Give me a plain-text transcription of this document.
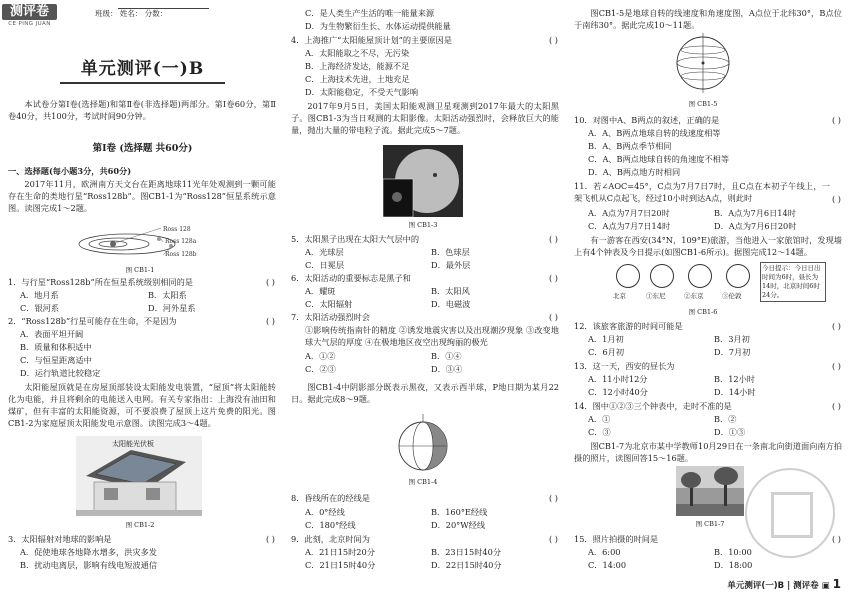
测评卷
CE PING JUAN
班级： 姓名： 分数：
单元测评(一)B
本试卷分第Ⅰ卷(选择题)和第Ⅱ卷(非选择题)两部分。第Ⅰ卷60分，第Ⅱ卷40分，共100分，考试时间90分钟。
第Ⅰ卷 (选择题 共60分)
一、选择题(每小题3分，共60分)
2017年11月，欧洲南方天文台在距离地球11光年处观测到一颗可能存在生命的类地行星“Ross128b”。图CB1-1为“Ross128”恒星系统示意图。读图完成1～2题。
Ross 128
Ross 128a
Ross 128b
图 CB1-1
1．与行星“Ross128b”所在恒星系统级别相同的是	( )
A．地月系	B．太阳系
C．银河系	D．河外星系
2．“Ross128b”行星可能存在生命，不是因为	( )
A．表面平坦开阔
B．质量和体积适中
C．与恒星距离适中
D．运行轨道比较稳定
太阳能屋顶就是在房屋顶部装设太阳能发电装置，“屋顶”将太阳能转化为电能，并且将剩余的电能送入电网。有关专家指出：上海没有油田和煤矿，但有丰富的太阳能资源，可不要浪费了屋顶上这片免费的阳光。图CB1-2为家庭屋顶太阳能发电示意图。读图完成3～4题。
太阳能光伏板
图 CB1-2
3．太阳辐射对地球的影响是	( )
A．促使地球各地降水增多，洪灾多发
B．扰动电离层，影响有线电短波通信
C．是人类生产生活的唯一能量来源
D．为生物繁衍生长、水体运动提供能量
4．上海推广“太阳能屋顶计划”的主要原因是	( )
A．太阳能取之不尽，无污染
B．上海经济发达，能源不足
C．上海技术先进，土地充足
D．太阳能稳定，不受天气影响
2017年9月5日，美国太阳能观测卫星观测到2017年最大的太阳黑子。图CB1-3为当日观测的太阳影像。太阳活动强烈时，会释放巨大的能量，抛出大量的带电粒子流。据此完成5～7题。
图 CB1-3
5．太阳黑子出现在太阳大气层中的	( )
A．光球层	B．色球层
C．日冕层	D．最外层
6．太阳活动的重要标志是黑子和	( )
A．耀斑	B．太阳风
C．太阳辐射	D．电磁波
7．太阳活动强烈时会	( )
①影响传统指南针的精度 ②诱发地震灾害以及出现潮汐现象 ③改变地球大气层的厚度 ④在极地地区夜空出现绚丽的极光
A．①②	B．①④
C．②③	D．③④
图CB1-4中阴影部分既表示黑夜，又表示西半球，P地日期为某月22日。据此完成8～9题。
图 CB1-4
8．昏线所在的经线是	( )
A．0°经线	B．160°E经线
C．180°经线	D．20°W经线
9．此刻，北京时间为	( )
A．21日15时20分	B．23日15时40分
C．21日15时40分	D．22日15时40分
图CB1-5是地球自转的线速度和角速度图，A点位于北纬30°，B点位于南纬30°。据此完成10～11题。
图 CB1-5
10．对图中A、B两点的叙述，正确的是	( )
A．A、B两点地球自转的线速度相等
B．A、B两点季节相同
C．A、B两点地球自转的角速度不相等
D．A、B两点地方时相同
11．若∠AOC=45°，C点为7月7日7时，且C点在本初子午线上，一架飞机从C点起飞，经过10小时到达A点，则此时	( )
A．A点为7月7日20时	B．A点为7月6日14时
C．A点为7月7日14时	D．A点为7月6日20时
有一游客在西安(34°N，109°E)旅游，当他进入一家旅馆时，发现墙上有4个钟表及今日提示(如图CB1-6所示)。据图完成12～14题。
北京	①东尼	②东京	③伦敦
今日提示：今日日出时间为6时，昼长为14时，北京时间6时24分。
图 CB1-6
12．该旅客旅游的时间可能是	( )
A．1月初	B．3月初
C．6月初	D．7月初
13．这一天，西安的昼长为	( )
A．11小时12分	B．12小时
C．12小时40分	D．14小时
14．图中①②③三个钟表中，走时不准的是	( )
A．①	B．②
C．③	D．①③
图CB1-7为北京市某中学教师10月29日在一条南北向街道面向南方拍摄的照片，读图回答15～16题。
图 CB1-7
15．照片拍摄的时间是	( )
A．6:00	B．10:00
C．14:00	D．18:00
单元测评(一)B | 测评卷 ▣ 1
